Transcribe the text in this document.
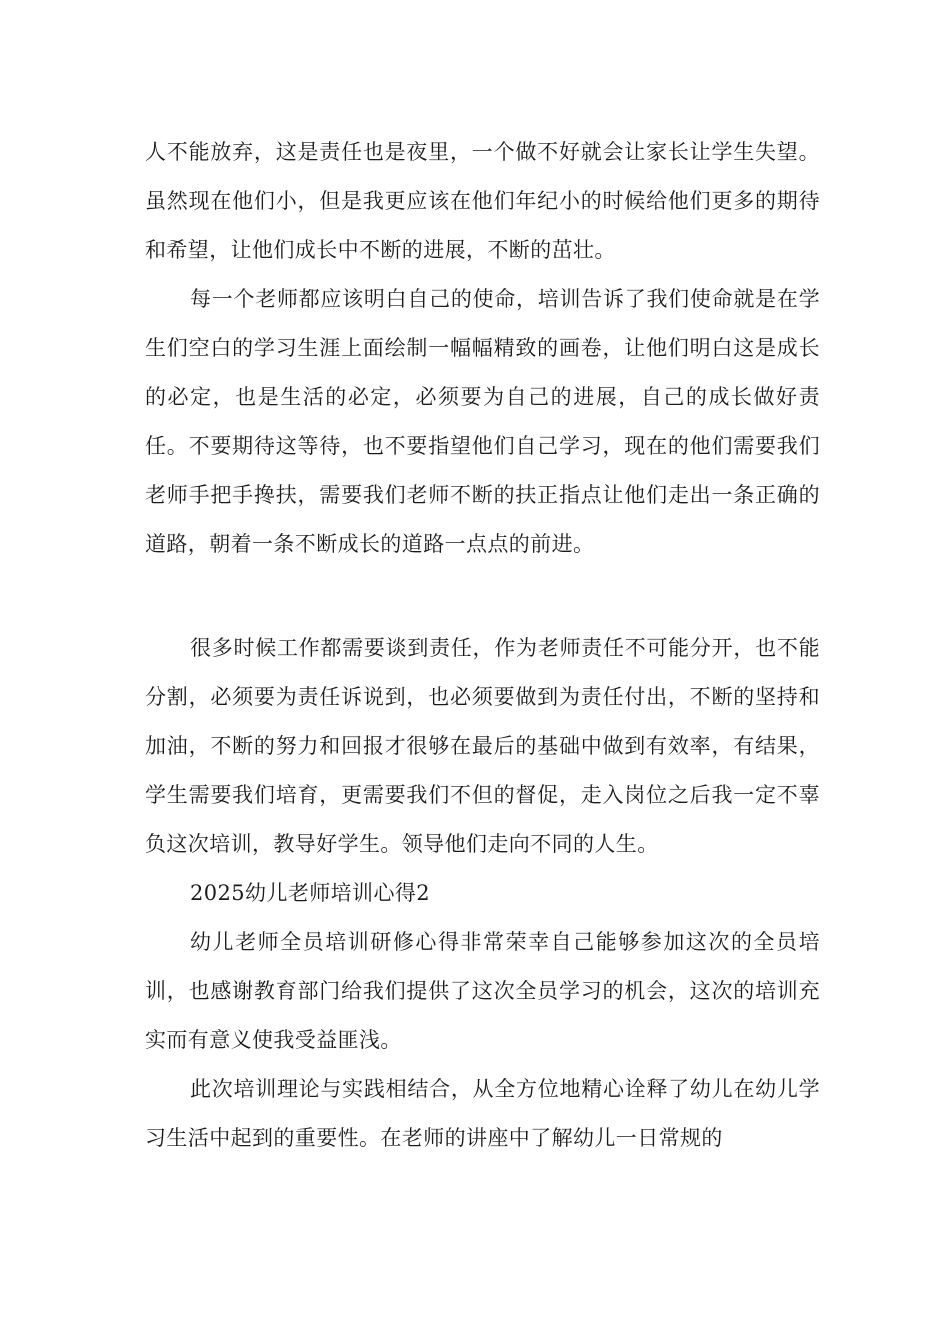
人不能放弃，这是责任也是夜里，一个做不好就会让家长让学生失望。虽然现在他们小，但是我更应该在他们年纪小的时候给他们更多的期待和希望，让他们成长中不断的进展，不断的茁壮。

每一个老师都应该明白自己的使命，培训告诉了我们使命就是在学生们空白的学习生涯上面绘制一幅幅精致的画卷，让他们明白这是成长的必定，也是生活的必定，必须要为自己的进展，自己的成长做好责任。不要期待这等待，也不要指望他们自己学习，现在的他们需要我们老师手把手搀扶，需要我们老师不断的扶正指点让他们走出一条正确的道路，朝着一条不断成长的道路一点点的前进。

很多时候工作都需要谈到责任，作为老师责任不可能分开，也不能分割，必须要为责任诉说到，也必须要做到为责任付出，不断的坚持和加油，不断的努力和回报才很够在最后的基础中做到有效率，有结果，学生需要我们培育，更需要我们不但的督促，走入岗位之后我一定不辜负这次培训，教导好学生。领导他们走向不同的人生。

2025幼儿老师培训心得2

幼儿老师全员培训研修心得非常荣幸自己能够参加这次的全员培训，也感谢教育部门给我们提供了这次全员学习的机会，这次的培训充实而有意义使我受益匪浅。

此次培训理论与实践相结合，从全方位地精心诠释了幼儿在幼儿学习生活中起到的重要性。在老师的讲座中了解幼儿一日常规的
